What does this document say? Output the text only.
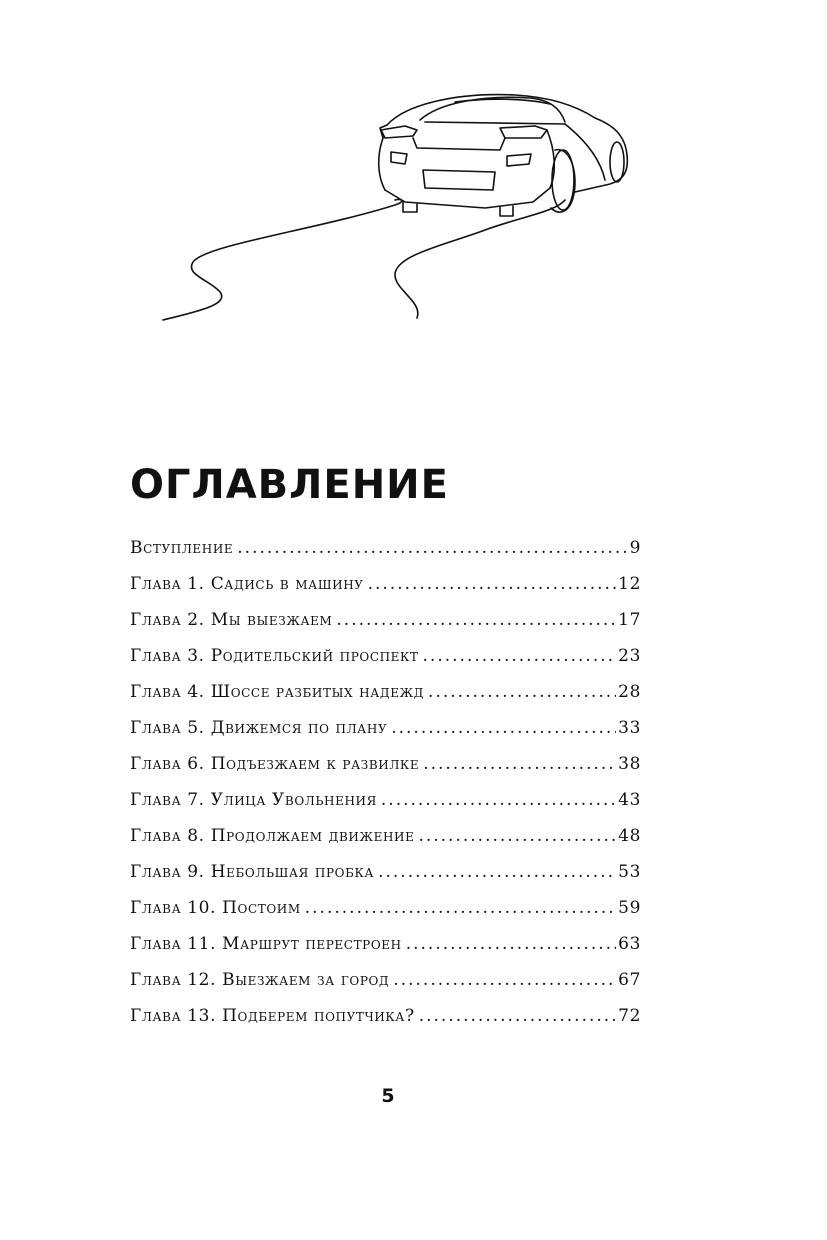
ОГЛАВЛЕНИЕ
Вступление .....	9
Глава 1. Садись в машину .....	12
Глава 2. Мы выезжаем .....	17
Глава 3. Родительский проспект .....	23
Глава 4. Шоссе разбитых надежд .....	28
Глава 5. Движемся по плану .....	33
Глава 6. Подъезжаем к развилке .....	38
Глава 7. Улица Увольнения .....	43
Глава 8. Продолжаем движение .....	48
Глава 9. Небольшая пробка .....	53
Глава 10. Постоим .....	59
Глава 11. Маршрут перестроен .....	63
Глава 12. Выезжаем за город .....	67
Глава 13. Подберем попутчика? .....	72
5
